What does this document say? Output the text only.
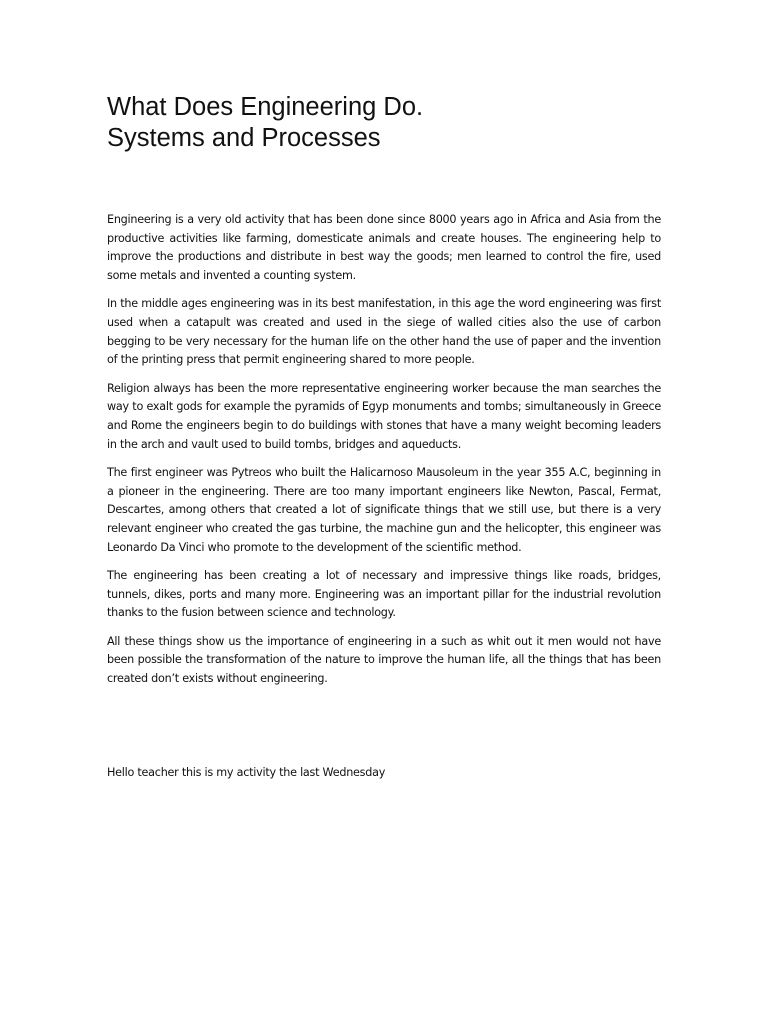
What Does Engineering Do.
Systems and Processes

Engineering is a very old activity that has been done since 8000 years ago in Africa and Asia from the productive activities like farming, domesticate animals and create houses. The engineering help to improve the productions and distribute in best way the goods; men learned to control the fire, used some metals and invented a counting system.

In the middle ages engineering was in its best manifestation, in this age the word engineering was first used when a catapult was created and used in the siege of walled cities also the use of carbon begging to be very necessary for the human life on the other hand the use of paper and the invention of the printing press that permit engineering shared to more people.

Religion always has been the more representative engineering worker because the man searches the way to exalt gods for example the pyramids of Egyp monuments and tombs; simultaneously in Greece and Rome the engineers begin to do buildings with stones that have a many weight becoming leaders in the arch and vault used to build tombs, bridges and aqueducts.

The first engineer was Pytreos who built the Halicarnoso Mausoleum in the year 355 A.C, beginning in a pioneer in the engineering. There are too many important engineers like Newton, Pascal, Fermat, Descartes, among others that created a lot of significate things that we still use, but there is a very relevant engineer who created the gas turbine, the machine gun and the helicopter, this engineer was Leonardo Da Vinci who promote to the development of the scientific method.

The engineering has been creating a lot of necessary and impressive things like roads, bridges, tunnels, dikes, ports and many more. Engineering was an important pillar for the industrial revolution thanks to the fusion between science and technology.

All these things show us the importance of engineering in a such as whit out it men would not have been possible the transformation of the nature to improve the human life, all the things that has been created don’t exists without engineering.

Hello teacher this is my activity the last Wednesday
